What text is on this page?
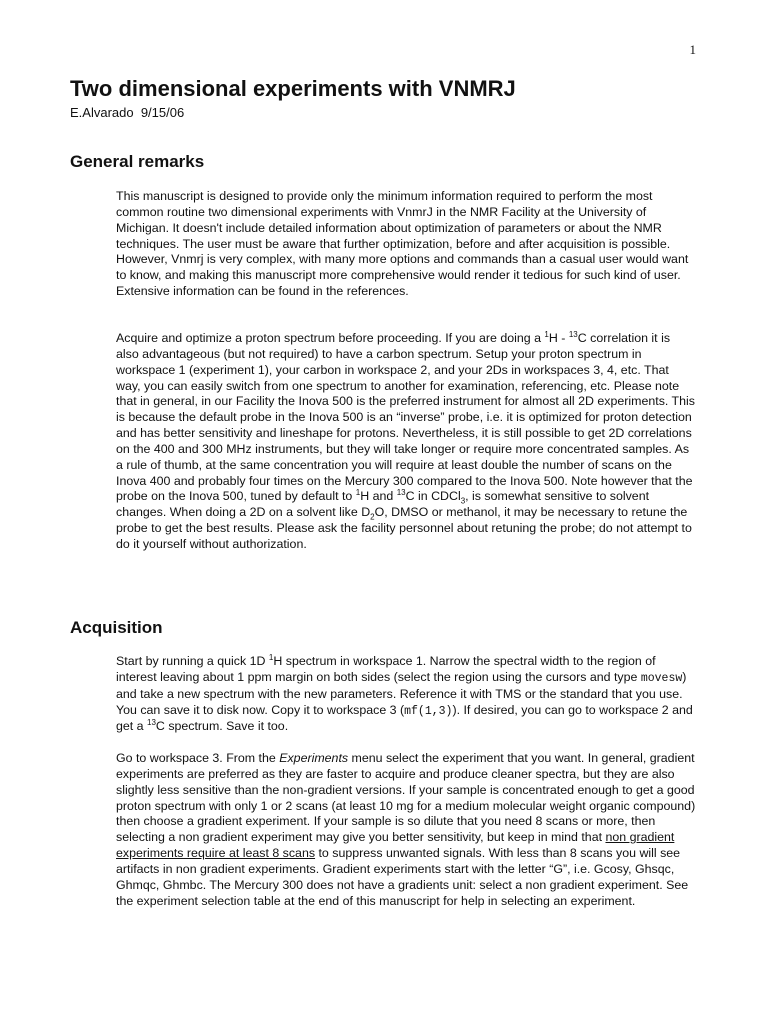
1
Two dimensional experiments with VNMRJ
E.Alvarado 9/15/06
General remarks

This manuscript is designed to provide only the minimum information required to perform the most common routine two dimensional experiments with VnmrJ in the NMR Facility at the University of Michigan. It doesn't include detailed information about optimization of parameters or about the NMR techniques. The user must be aware that further optimization, before and after acquisition is possible. However, Vnmrj is very complex, with many more options and commands than a casual user would want to know, and making this manuscript more comprehensive would render it tedious for such kind of user. Extensive information can be found in the references.

Acquire and optimize a proton spectrum before proceeding. If you are doing a $^1$H - $^{13}$C correlation it is also advantageous (but not required) to have a carbon spectrum. Setup your proton spectrum in workspace 1 (experiment 1), your carbon in workspace 2, and your 2Ds in workspaces 3, 4, etc. That way, you can easily switch from one spectrum to another for examination, referencing, etc. Please note that in general, in our Facility the Inova 500 is the preferred instrument for almost all 2D experiments. This is because the default probe in the Inova 500 is an “inverse” probe, i.e. it is optimized for proton detection and has better sensitivity and lineshape for protons. Nevertheless, it is still possible to get 2D correlations on the 400 and 300 MHz instruments, but they will take longer or require more concentrated samples. As a rule of thumb, at the same concentration you will require at least double the number of scans on the Inova 400 and probably four times on the Mercury 300 compared to the Inova 500. Note however that the probe on the Inova 500, tuned by default to $^1$H and $^{13}$C in CDCl$_3$, is somewhat sensitive to solvent changes. When doing a 2D on a solvent like $D_2O$, DMSO or methanol, it may be necessary to retune the probe to get the best results. Please ask the facility personnel about retuning the probe; do not attempt to do it yourself without authorization.

Acquisition

Start by running a quick 1D $^1$H spectrum in workspace 1. Narrow the spectral width to the region of interest leaving about 1 ppm margin on both sides (select the region using the cursors and type movesw) and take a new spectrum with the new parameters. Reference it with TMS or the standard that you use. You can save it to disk now. Copy it to workspace 3 (mf(1,3)). If desired, you can go to workspace 2 and get a $^{13}$C spectrum. Save it too.

Go to workspace 3. From the Experiments menu select the experiment that you want. In general, gradient experiments are preferred as they are faster to acquire and produce cleaner spectra, but they are also slightly less sensitive than the non-gradient versions. If your sample is concentrated enough to get a good proton spectrum with only 1 or 2 scans (at least 10 mg for a medium molecular weight organic compound) then choose a gradient experiment. If your sample is so dilute that you need 8 scans or more, then selecting a non gradient experiment may give you better sensitivity, but keep in mind that non gradient experiments require at least 8 scans to suppress unwanted signals. With less than 8 scans you will see artifacts in non gradient experiments. Gradient experiments start with the letter “G”, i.e. Gcosy, Ghsqc, Ghmqc, Ghmbc. The Mercury 300 does not have a gradients unit: select a non gradient experiment. See the experiment selection table at the end of this manuscript for help in selecting an experiment.
